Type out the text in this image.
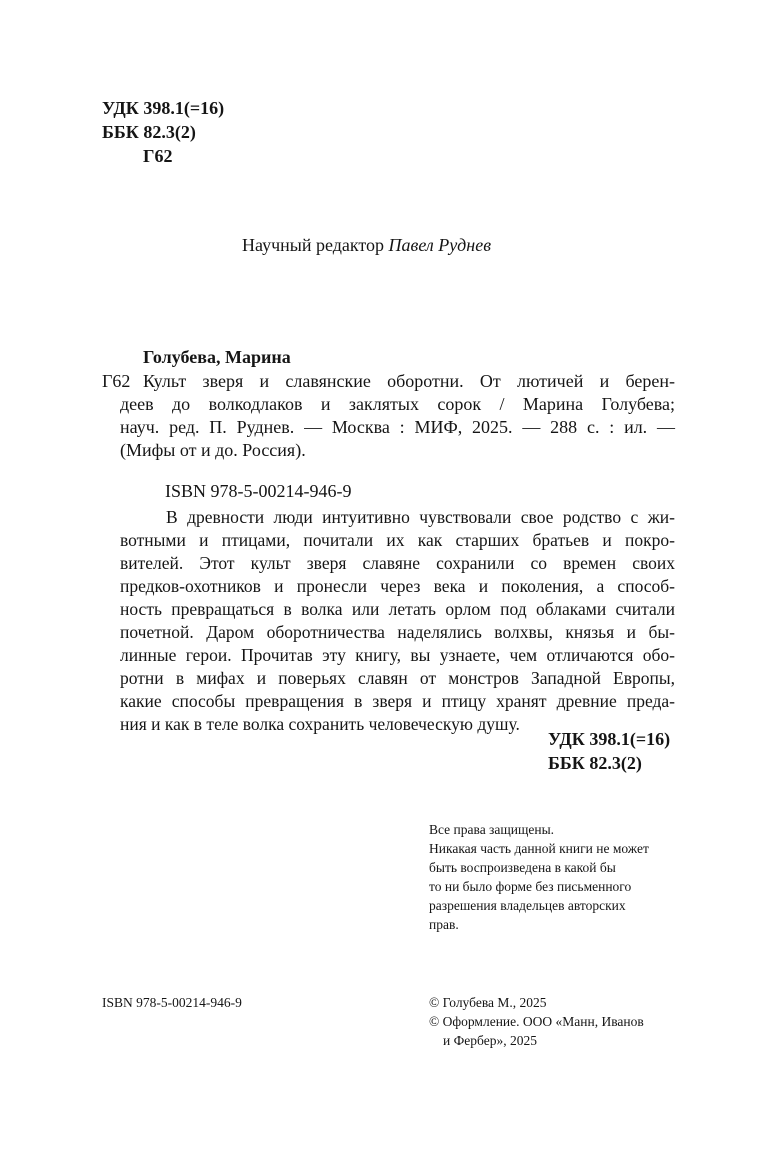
УДК 398.1(=16)
ББК 82.3(2)
Г62
Научный редактор Павел Руднев
Голубева, Марина
Г62 Культ зверя и славянские оборотни. От лютичей и берен-
деев до волкодлаков и заклятых сорок / Марина Голубева;
науч. ред. П. Руднев. — Москва : МИФ, 2025. — 288 с. : ил. —
(Мифы от и до. Россия).
ISBN 978-5-00214-946-9
В древности люди интуитивно чувствовали свое родство с жи-
вотными и птицами, почитали их как старших братьев и покро-
вителей. Этот культ зверя славяне сохранили со времен своих
предков-охотников и пронесли через века и поколения, а способ-
ность превращаться в волка или летать орлом под облаками считали
почетной. Даром оборотничества наделялись волхвы, князья и бы-
линные герои. Прочитав эту книгу, вы узнаете, чем отличаются обо-
ротни в мифах и поверьях славян от монстров Западной Европы,
какие способы превращения в зверя и птицу хранят древние преда-
ния и как в теле волка сохранить человеческую душу.
УДК 398.1(=16)
ББК 82.3(2)
Все права защищены.
Никакая часть данной книги не может
быть воспроизведена в какой бы
то ни было форме без письменного
разрешения владельцев авторских
прав.
ISBN 978-5-00214-946-9	© Голубева М., 2025
© Оформление. ООО «Манн, Иванов
и Фербер», 2025
